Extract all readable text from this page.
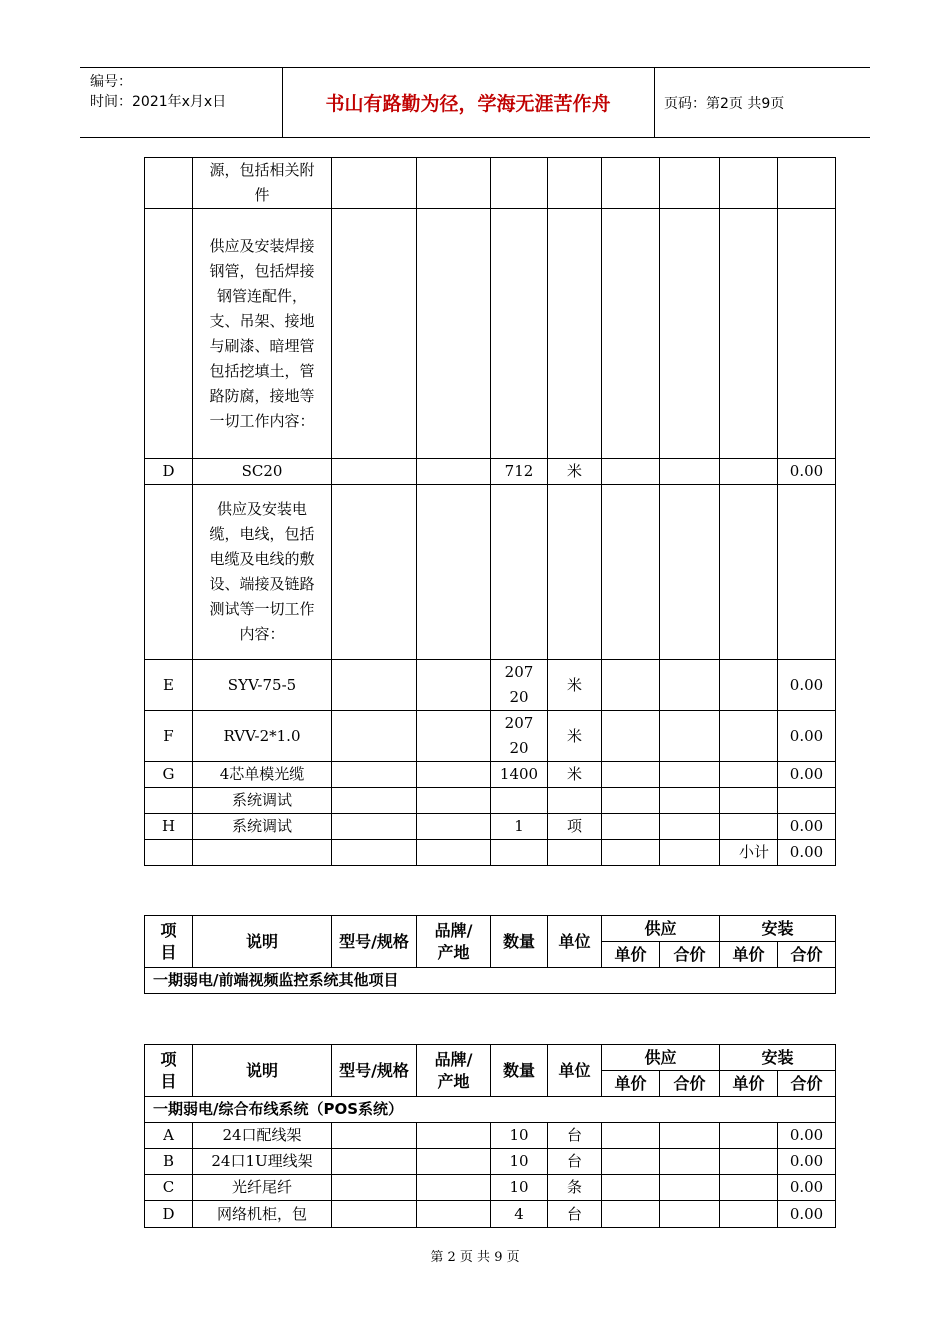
编号：
时间：2021年x月x日	书山有路勤为径，学海无涯苦作舟	页码：第2页 共9页
	源，包括相关附件								
	供应及安装焊接钢管，包括焊接钢管连配件，支、吊架、接地与刷漆、暗埋管包括挖填土，管路防腐，接地等一切工作内容：								
D	SC20			712	米				0.00
	供应及安装电缆，电线，包括电缆及电线的敷设、端接及链路测试等一切工作内容：								
E	SYV-75-5			20720	米				0.00
F	RVV-2*1.0			20720	米				0.00
G	4芯单模光缆			1400	米				0.00
	系统调试								
H	系统调试			1	项				0.00
								小计	0.00
项目	说明	型号/规格	品牌/产地	数量	单位	供应		安装	
						单价	合价	单价	合价
一期弱电/前端视频监控系统其他项目									
项目	说明	型号/规格	品牌/产地	数量	单位	供应		安装	
						单价	合价	单价	合价
一期弱电/综合布线系统（POS系统）									
A	24口配线架			10	台				0.00
B	24口1U理线架			10	台				0.00
C	光纤尾纤			10	条				0.00
D	网络机柜，包			4	台				0.00
第 2 页 共 9 页
